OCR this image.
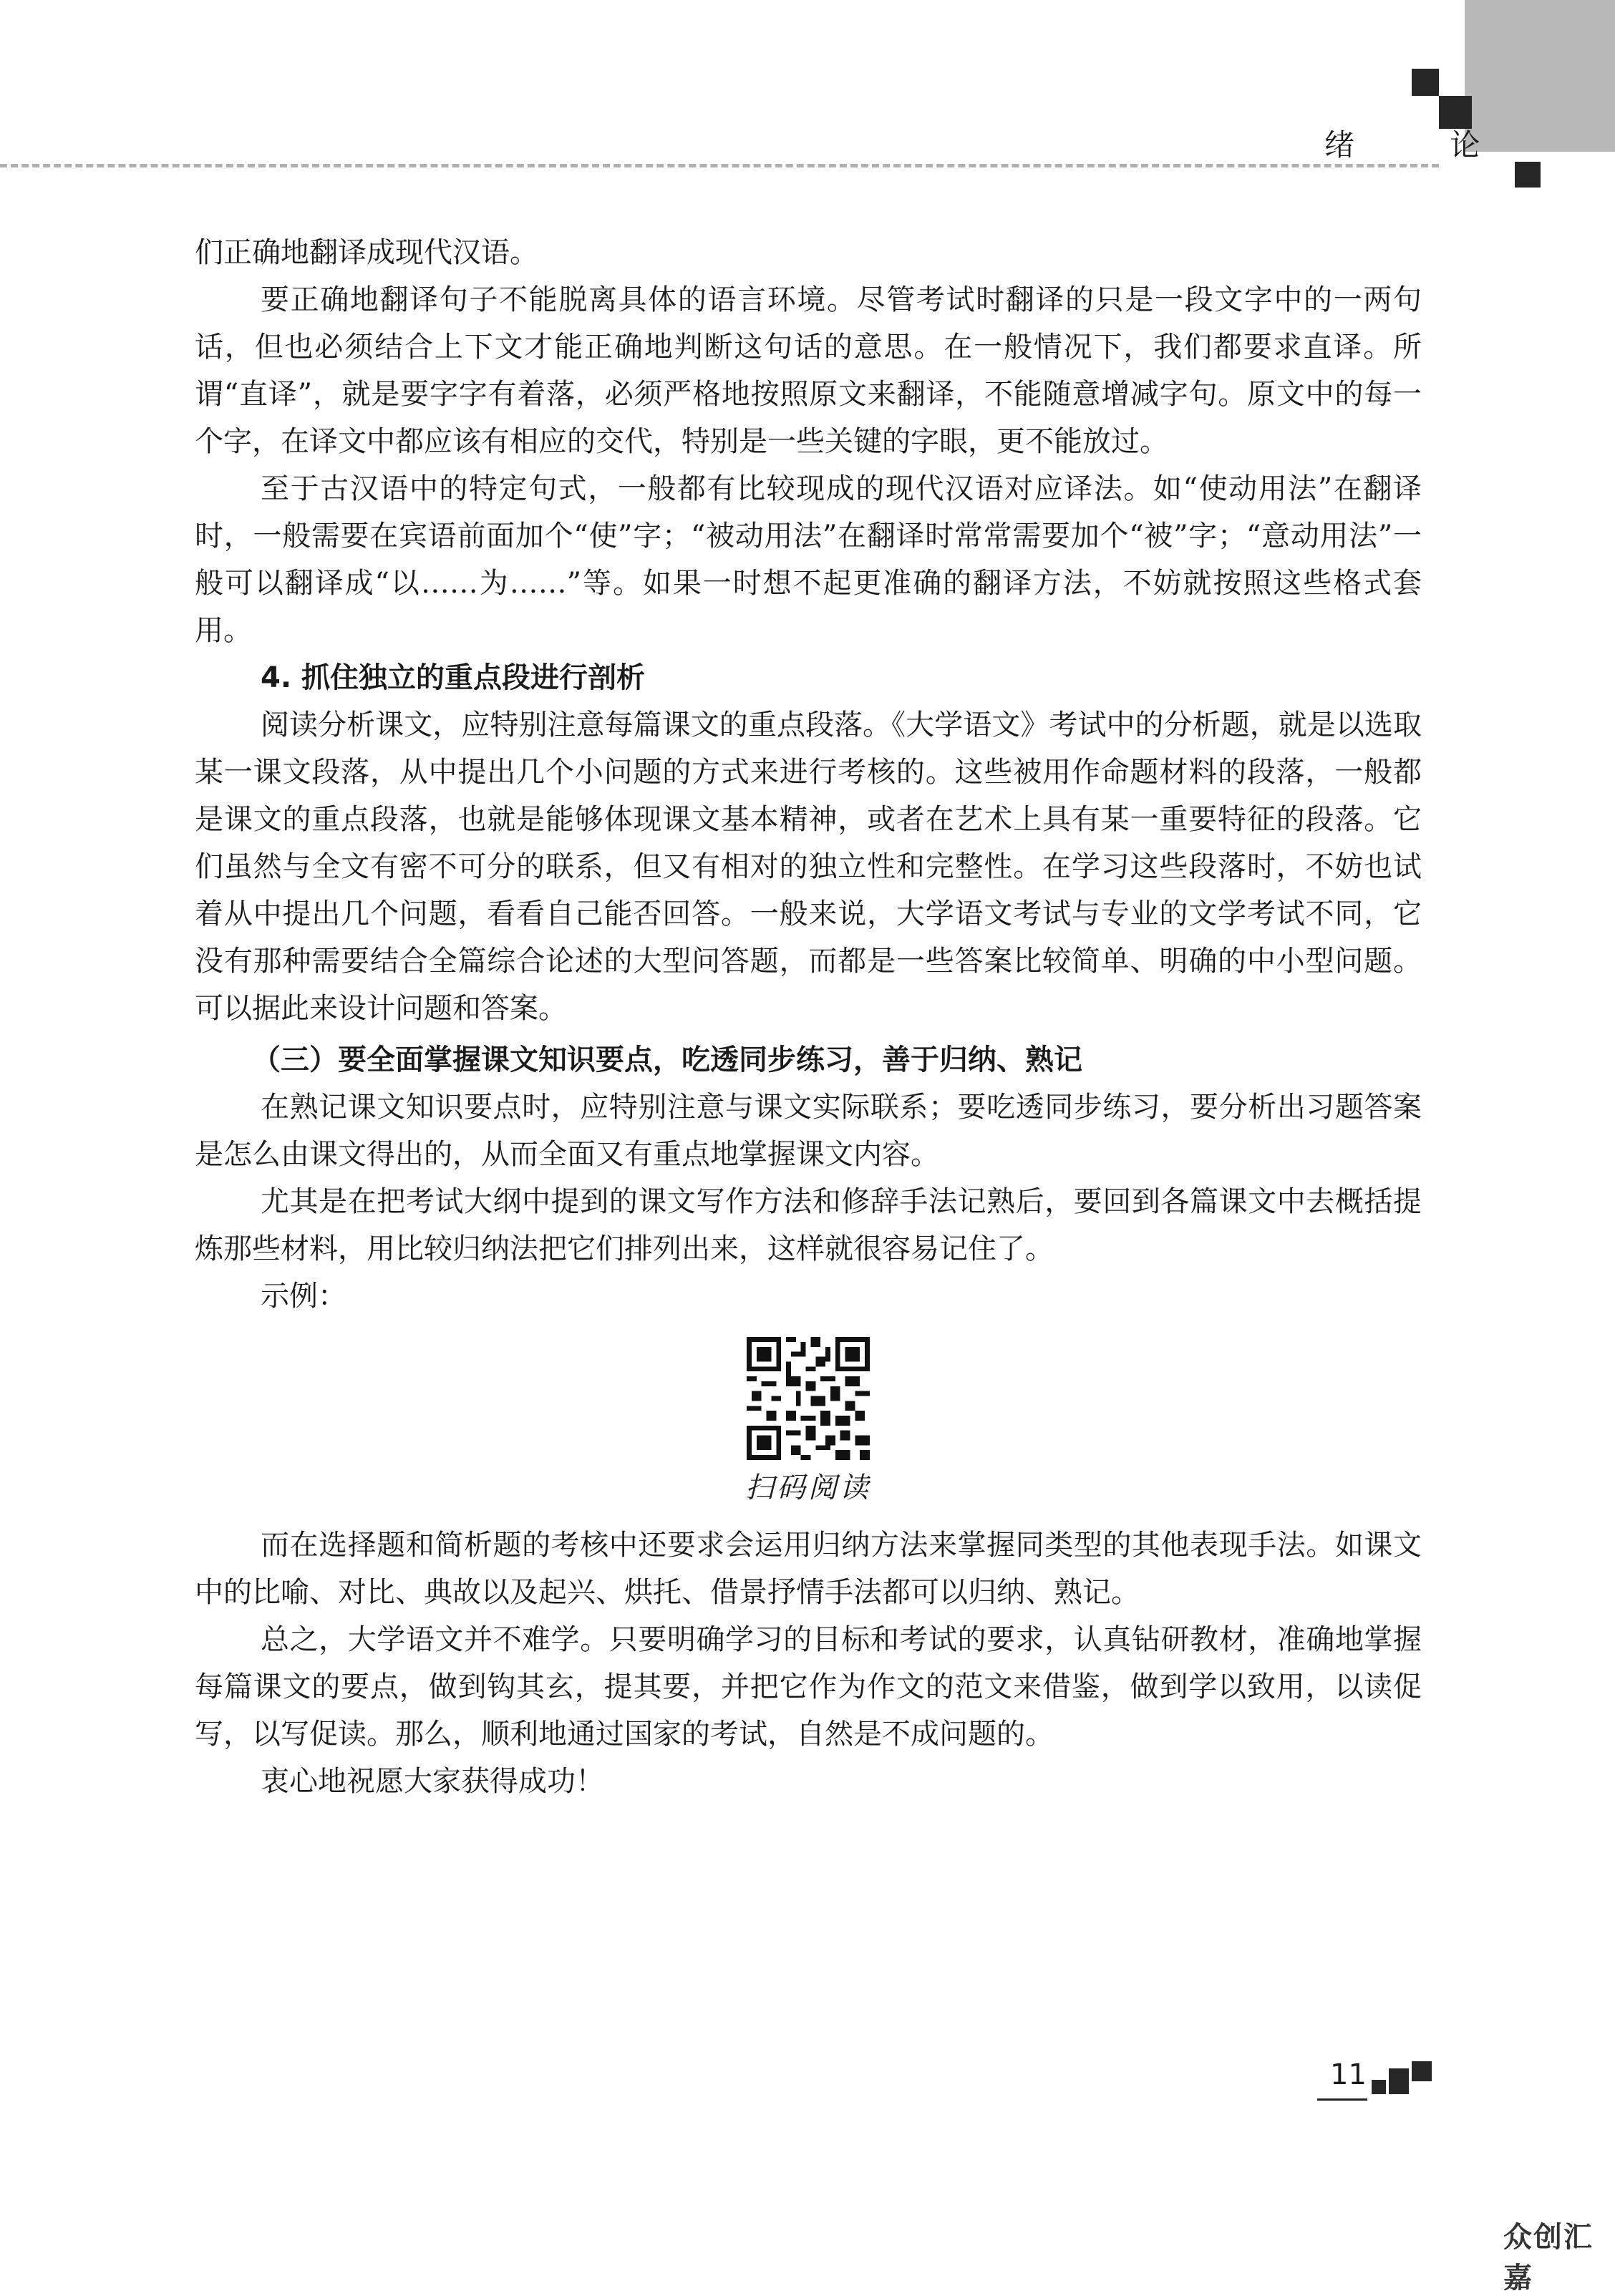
绪 论

们正确地翻译成现代汉语。

要正确地翻译句子不能脱离具体的语言环境。尽管考试时翻译的只是一段文字中的一两句话，但也必须结合上下文才能正确地判断这句话的意思。在一般情况下，我们都要求直译。所谓“直译”，就是要字字有着落，必须严格地按照原文来翻译，不能随意增减字句。原文中的每一个字，在译文中都应该有相应的交代，特别是一些关键的字眼，更不能放过。

至于古汉语中的特定句式，一般都有比较现成的现代汉语对应译法。如“使动用法”在翻译时，一般需要在宾语前面加个“使”字；“被动用法”在翻译时常常需要加个“被”字；“意动用法”一般可以翻译成“以……为……”等。如果一时想不起更准确的翻译方法，不妨就按照这些格式套用。

4. 抓住独立的重点段进行剖析

阅读分析课文，应特别注意每篇课文的重点段落。《大学语文》考试中的分析题，就是以选取某一课文段落，从中提出几个小问题的方式来进行考核的。这些被用作命题材料的段落，一般都是课文的重点段落，也就是能够体现课文基本精神，或者在艺术上具有某一重要特征的段落。它们虽然与全文有密不可分的联系，但又有相对的独立性和完整性。在学习这些段落时，不妨也试着从中提出几个问题，看看自己能否回答。一般来说，大学语文考试与专业的文学考试不同，它没有那种需要结合全篇综合论述的大型问答题，而都是一些答案比较简单、明确的中小型问题。可以据此来设计问题和答案。

（三）要全面掌握课文知识要点，吃透同步练习，善于归纳、熟记

在熟记课文知识要点时，应特别注意与课文实际联系；要吃透同步练习，要分析出习题答案是怎么由课文得出的，从而全面又有重点地掌握课文内容。

尤其是在把考试大纲中提到的课文写作方法和修辞手法记熟后，要回到各篇课文中去概括提炼那些材料，用比较归纳法把它们排列出来，这样就很容易记住了。

示例：

扫码阅读

而在选择题和简析题的考核中还要求会运用归纳方法来掌握同类型的其他表现手法。如课文中的比喻、对比、典故以及起兴、烘托、借景抒情手法都可以归纳、熟记。

总之，大学语文并不难学。只要明确学习的目标和考试的要求，认真钻研教材，准确地掌握每篇课文的要点，做到钩其玄，提其要，并把它作为作文的范文来借鉴，做到学以致用，以读促写，以写促读。那么，顺利地通过国家的考试，自然是不成问题的。

衷心地祝愿大家获得成功！

11
众创汇嘉
